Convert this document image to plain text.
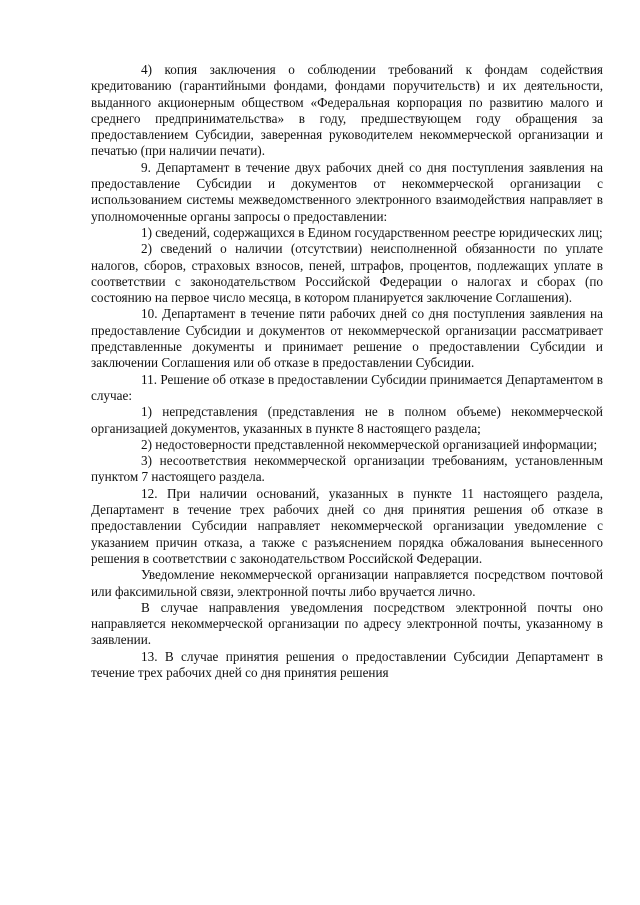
4) копия заключения о соблюдении требований к фондам содействия кредитованию (гарантийными фондами, фондами поручительств) и их деятельности, выданного акционерным обществом «Федеральная корпорация по развитию малого и среднего предпринимательства» в году, предшествующем году обращения за предоставлением Субсидии, заверенная руководителем некоммерческой организации и печатью (при наличии печати).

9. Департамент в течение двух рабочих дней со дня поступления заявления на предоставление Субсидии и документов от некоммерческой организации с использованием системы межведомственного электронного взаимодействия направляет в уполномоченные органы запросы о предоставлении:

1) сведений, содержащихся в Едином государственном реестре юридических лиц;

2) сведений о наличии (отсутствии) неисполненной обязанности по уплате налогов, сборов, страховых взносов, пеней, штрафов, процентов, подлежащих уплате в соответствии с законодательством Российской Федерации о налогах и сборах (по состоянию на первое число месяца, в котором планируется заключение Соглашения).

10. Департамент в течение пяти рабочих дней со дня поступления заявления на предоставление Субсидии и документов от некоммерческой организации рассматривает представленные документы и принимает решение о предоставлении Субсидии и заключении Соглашения или об отказе в предоставлении Субсидии.

11. Решение об отказе в предоставлении Субсидии принимается Департаментом в случае:

1) непредставления (представления не в полном объеме) некоммерческой организацией документов, указанных в пункте 8 настоящего раздела;

2) недостоверности представленной некоммерческой организацией информации;

3) несоответствия некоммерческой организации требованиям, установленным пунктом 7 настоящего раздела.

12. При наличии оснований, указанных в пункте 11 настоящего раздела, Департамент в течение трех рабочих дней со дня принятия решения об отказе в предоставлении Субсидии направляет некоммерческой организации уведомление с указанием причин отказа, а также с разъяснением порядка обжалования вынесенного решения в соответствии с законодательством Российской Федерации.

Уведомление некоммерческой организации направляется посредством почтовой или факсимильной связи, электронной почты либо вручается лично.

В случае направления уведомления посредством электронной почты оно направляется некоммерческой организации по адресу электронной почты, указанному в заявлении.

13. В случае принятия решения о предоставлении Субсидии Департамент в течение трех рабочих дней со дня принятия решения
